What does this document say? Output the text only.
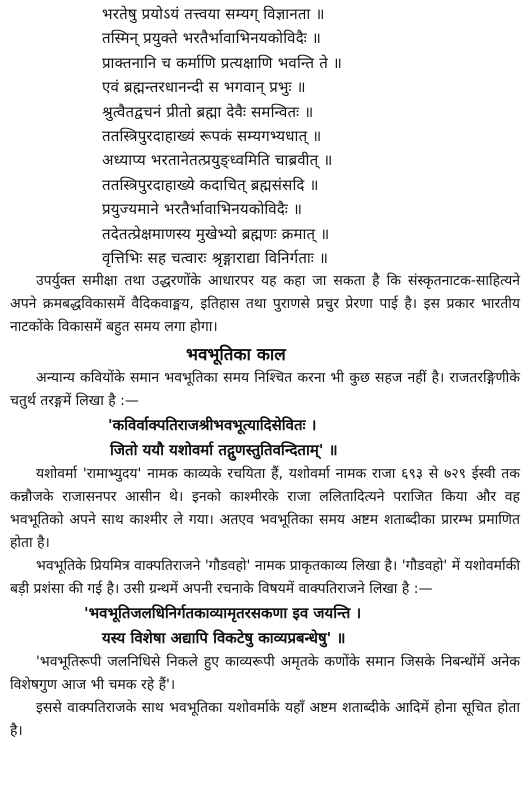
भरतेषु प्रयोऽयं तत्त्वया सम्यग् विज्ञानता ॥
तस्मिन् प्रयुक्ते भरतैर्भावाभिनयकोविदैः ॥
प्राक्तनानि च कर्माणि प्रत्यक्षाणि भवन्ति ते ॥
एवं ब्रह्मन्तरधानन्दी स भगवान् प्रभुः ॥
श्रुत्वैतद्वचनं प्रीतो ब्रह्मा देवैः समन्वितः ॥
ततस्त्रिपुरदाहाख्यं रूपकं सम्यगभ्यधात् ॥
अध्याप्य भरतानेतत्प्रयुङ्ध्वमिति चाब्रवीत् ॥
ततस्त्रिपुरदाहाख्ये कदाचित् ब्रह्मसंसदि ॥
प्रयुज्यमाने भरतैर्भावाभिनयकोविदैः ॥
तदेतत्प्रेक्षमाणस्य मुखेभ्यो ब्रह्मणः क्रमात् ॥
वृत्तिभिः सह चत्वारः श्रृङ्गाराद्या विनिर्गताः ॥

उपर्युक्त समीक्षा तथा उद्धरणोंके आधारपर यह कहा जा सकता है कि संस्कृतनाटक-साहित्यने अपने क्रमबद्धविकासमें वैदिकवाङ्मय, इतिहास तथा पुराणसे प्रचुर प्रेरणा पाई है। इस प्रकार भारतीय नाटकोंके विकासमें बहुत समय लगा होगा।

भवभूतिका काल

अन्यान्य कवियोंके समान भवभूतिका समय निश्चित करना भी कुछ सहज नहीं है। राजतरङ्गिणीके चतुर्थ तरङ्गमें लिखा है :—

'कविर्वाक्पतिराजश्रीभवभूत्यादिसेवितः ।
जितो ययौ यशोवर्मा तद्गुणस्तुतिवन्दिताम्' ॥

यशोवर्मा 'रामाभ्युदय' नामक काव्यके रचयिता हैं, यशोवर्मा नामक राजा ६९३ से ७२९ ईस्वी तक कन्नौजके राजासनपर आसीन थे। इनको काश्मीरके राजा ललितादित्यने पराजित किया और वह भवभूतिको अपने साथ काश्मीर ले गया। अतएव भवभूतिका समय अष्टम शताब्दीका प्रारम्भ प्रमाणित होता है।

भवभूतिके प्रियमित्र वाक्पतिराजने 'गौडवहो' नामक प्राकृतकाव्य लिखा है। 'गौडवहो' में यशोवर्माकी बड़ी प्रशंसा की गई है। उसी ग्रन्थमें अपनी रचनाके विषयमें वाक्पतिराजने लिखा है :—

'भवभूतिजलधिनिर्गतकाव्यामृतरसकणा इव जयन्ति ।
यस्य विशेषा अद्यापि विकटेषु काव्यप्रबन्धेषु' ॥

'भवभूतिरूपी जलनिधिसे निकले हुए काव्यरूपी अमृतके कणोंके समान जिसके निबन्धोंमें अनेक विशेषगुण आज भी चमक रहे हैं'।

इससे वाक्पतिराजके साथ भवभूतिका यशोवर्माके यहाँ अष्टम शताब्दीके आदिमें होना सूचित होता है।
